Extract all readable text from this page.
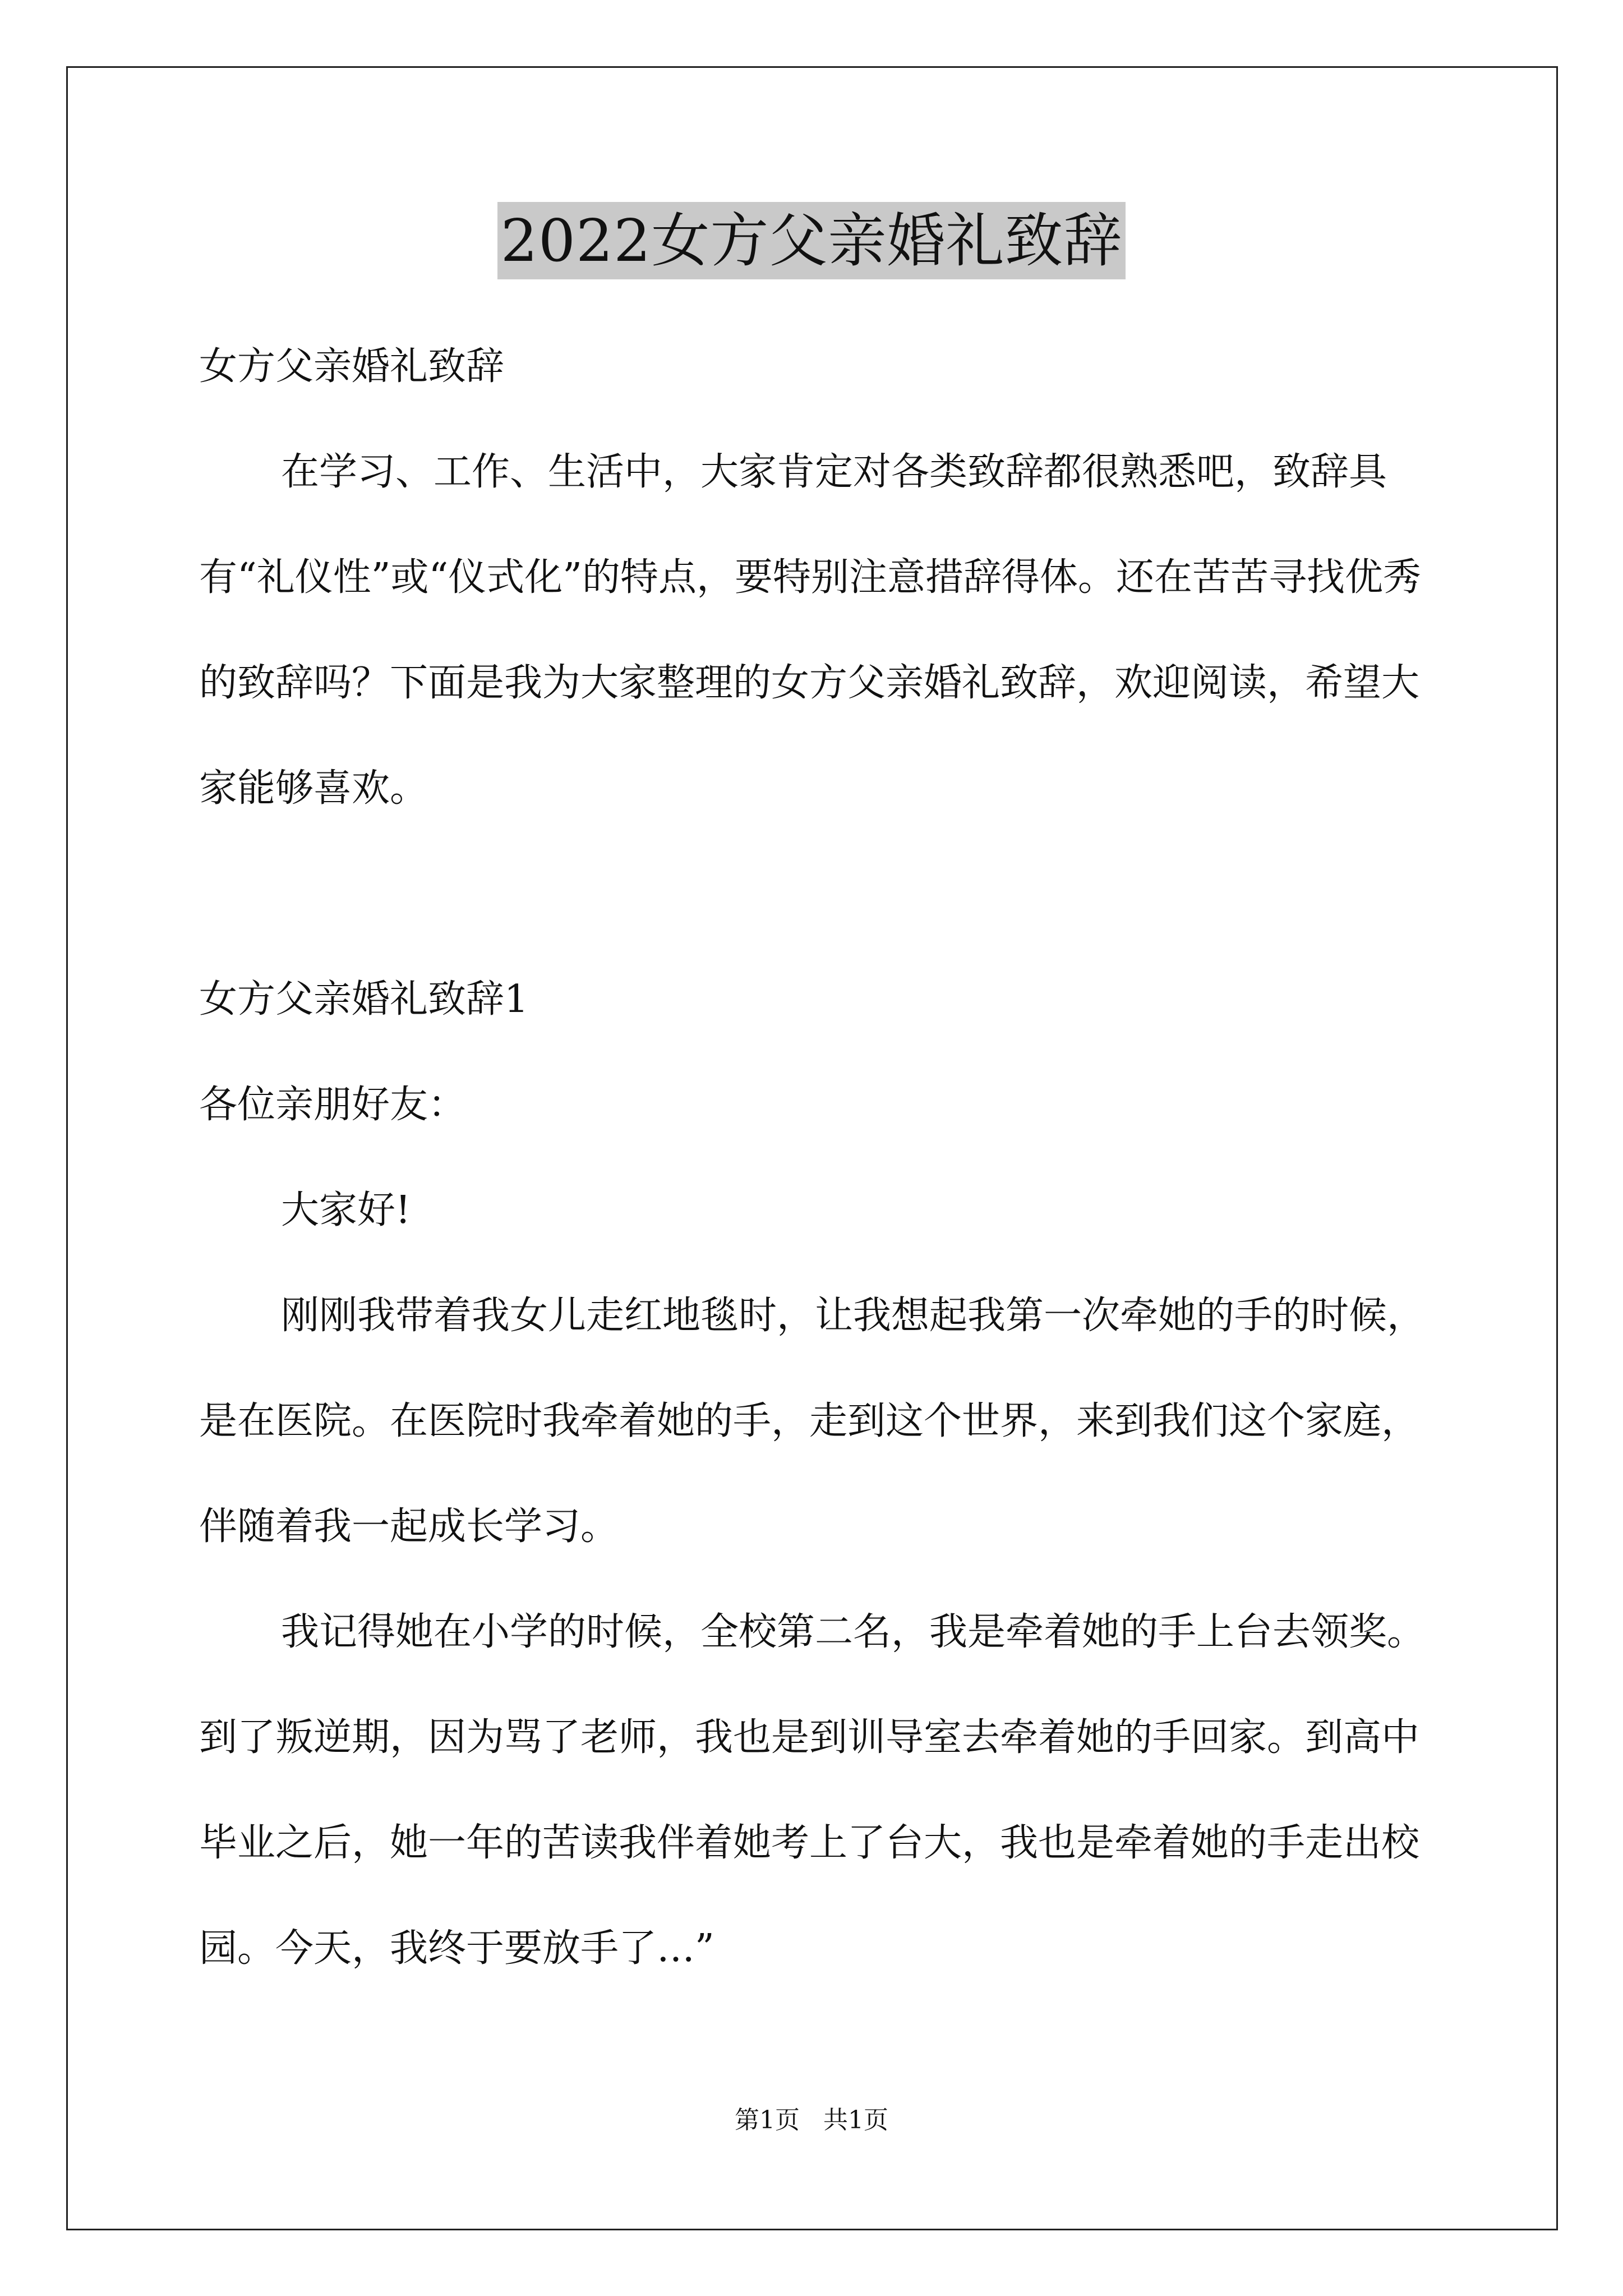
2022女方父亲婚礼致辞

女方父亲婚礼致辞

在学习、工作、生活中，大家肯定对各类致辞都很熟悉吧，致辞具有“礼仪性”或“仪式化”的特点，要特别注意措辞得体。还在苦苦寻找优秀的致辞吗？下面是我为大家整理的女方父亲婚礼致辞，欢迎阅读，希望大家能够喜欢。

女方父亲婚礼致辞1

各位亲朋好友：

大家好!

刚刚我带着我女儿走红地毯时，让我想起我第一次牵她的手的时候，是在医院。在医院时我牵着她的手，走到这个世界，来到我们这个家庭，伴随着我一起成长学习。

我记得她在小学的时候，全校第二名，我是牵着她的手上台去领奖。到了叛逆期，因为骂了老师，我也是到训导室去牵着她的手回家。到高中毕业之后，她一年的苦读我伴着她考上了台大，我也是牵着她的手走出校园。今天，我终于要放手了…”

第1页 共1页
